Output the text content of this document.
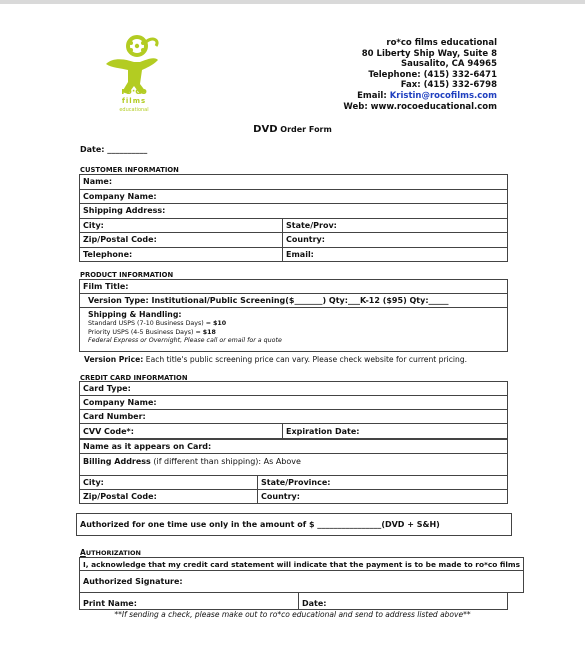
ro·co
films
educational
ro*co films educational
80 Liberty Ship Way, Suite 8
Sausalito, CA 94965
Telephone: (415) 332-6471
Fax: (415) 332-6798
Email: Kristin@rocofilms.com
Web: www.rocoeducational.com
DVD Order Form
Date: __________
CUSTOMER INFORMATION
Name:	
Company Name:	
Shipping Address:	
City:	State/Prov:
Zip/Postal Code:	Country:
Telephone:	Email:
PRODUCT INFORMATION
Film Title:
Version Type: Institutional/Public Screening($_______) Qty:___K-12 ($95) Qty:_____

Shipping & Handling:
Standard USPS (7-10 Business Days) = $10
Priority USPS (4-5 Business Days) = $18
Federal Express or Overnight, Please call or email for a quote
Version Price: Each title's public screening price can vary. Please check website for current pricing.
CREDIT CARD INFORMATION
Card Type:
Company Name:
Card Number:
CVV Code*:	Expiration Date:
Name as it appears on Card:
Billing Address (if different than shipping): As Above
City:	State/Province:
Zip/Postal Code:	Country:
Authorized for one time use only in the amount of $ ________________(DVD + S&H)
AUTHORIZATION
I, acknowledge that my credit card statement will indicate that the payment is to be made to ro*co films
Authorized Signature:
Print Name:	Date:
**If sending a check, please make out to ro*co educational and send to address listed above**
